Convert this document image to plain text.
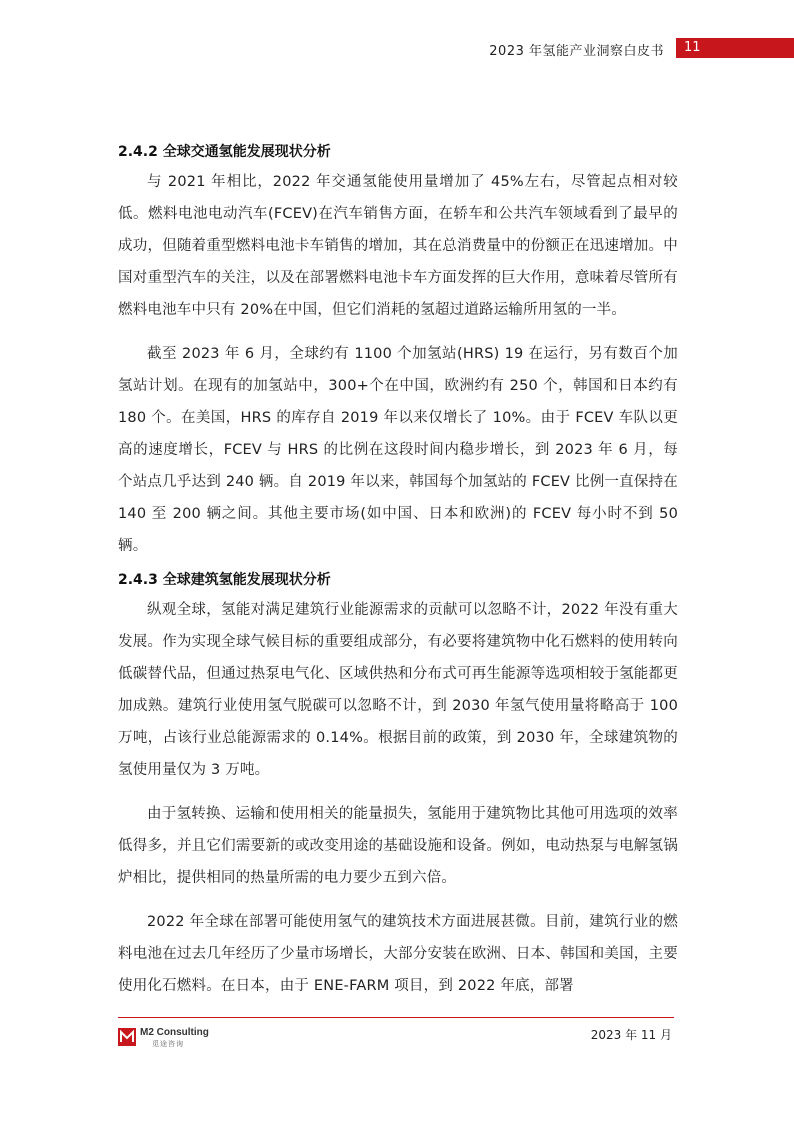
2023 年氢能产业洞察白皮书	11
2.4.2 全球交通氢能发展现状分析

与 2021 年相比，2022 年交通氢能使用量增加了 45%左右，尽管起点相对较低。燃料电池电动汽车(FCEV)在汽车销售方面，在轿车和公共汽车领域看到了最早的成功，但随着重型燃料电池卡车销售的增加，其在总消费量中的份额正在迅速增加。中国对重型汽车的关注，以及在部署燃料电池卡车方面发挥的巨大作用，意味着尽管所有燃料电池车中只有 20%在中国，但它们消耗的氢超过道路运输所用氢的一半。

截至 2023 年 6 月，全球约有 1100 个加氢站(HRS) 19 在运行，另有数百个加氢站计划。在现有的加氢站中，300+个在中国，欧洲约有 250 个，韩国和日本约有 180 个。在美国，HRS 的库存自 2019 年以来仅增长了 10%。由于 FCEV 车队以更高的速度增长，FCEV 与 HRS 的比例在这段时间内稳步增长，到 2023 年 6 月，每个站点几乎达到 240 辆。自 2019 年以来，韩国每个加氢站的 FCEV 比例一直保持在 140 至 200 辆之间。其他主要市场(如中国、日本和欧洲)的 FCEV 每小时不到 50 辆。

2.4.3 全球建筑氢能发展现状分析

纵观全球，氢能对满足建筑行业能源需求的贡献可以忽略不计，2022 年没有重大发展。作为实现全球气候目标的重要组成部分，有必要将建筑物中化石燃料的使用转向低碳替代品，但通过热泵电气化、区域供热和分布式可再生能源等选项相较于氢能都更加成熟。建筑行业使用氢气脱碳可以忽略不计，到 2030 年氢气使用量将略高于 100 万吨，占该行业总能源需求的 0.14%。根据目前的政策，到 2030 年，全球建筑物的氢使用量仅为 3 万吨。

由于氢转换、运输和使用相关的能量损失，氢能用于建筑物比其他可用选项的效率低得多，并且它们需要新的或改变用途的基础设施和设备。例如，电动热泵与电解氢锅炉相比，提供相同的热量所需的电力要少五到六倍。

2022 年全球在部署可能使用氢气的建筑技术方面进展甚微。目前，建筑行业的燃料电池在过去几年经历了少量市场增长，大部分安装在欧洲、日本、韩国和美国，主要使用化石燃料。在日本，由于 ENE-FARM 项目，到 2022 年底，部署

M2 Consulting
觅途咨询
2023 年 11 月
